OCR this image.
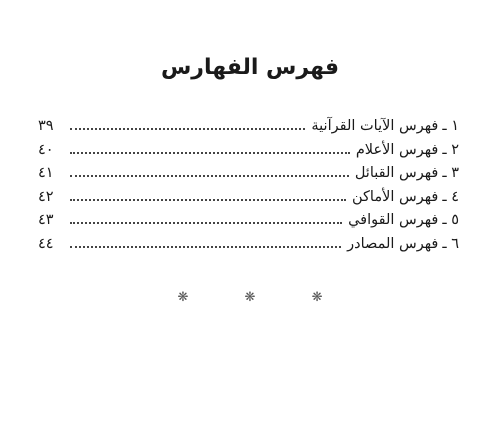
فهرس الفهارس
١ ـ
فهرس الآيات القرآنية
٣٩
٢ ـ
فهرس الأعلام
٤٠
٣ ـ
فهرس القبائل
٤١
٤ ـ
فهرس الأماكن
٤٢
٥ ـ
فهرس القوافي
٤٣
٦ ـ
فهرس المصادر
٤٤
❋ ❋ ❋
